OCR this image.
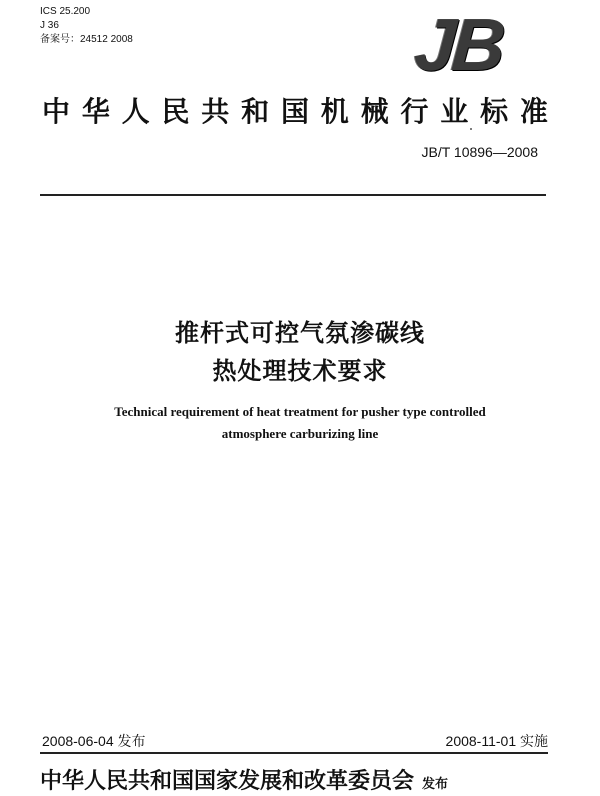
ICS 25.200
J 36
备案号：24512 2008	JB
中 华 人 民 共 和 国 机 械 行 业 标 准
JB/T 10896—2008
推杆式可控气氛渗碳线
热处理技术要求
Technical requirement of heat treatment for pusher type controlled
atmosphere carburizing line
2008-06-04 发布	2008-11-01 实施
中华人民共和国国家发展和改革委员会 发布
